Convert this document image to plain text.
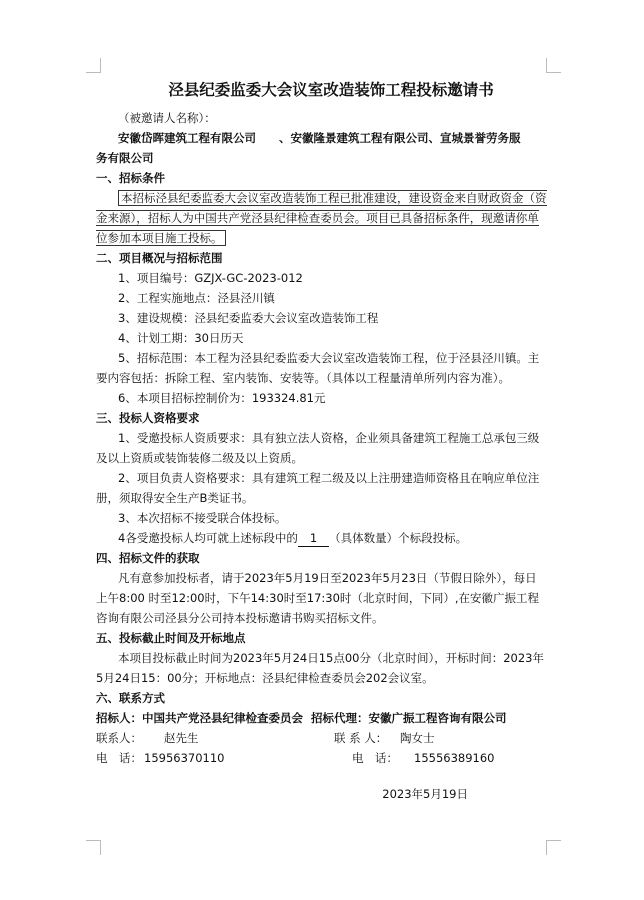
泾县纪委监委大会议室改造装饰工程投标邀请书

（被邀请人名称）：

安徽岱晖建筑工程有限公司　　、安徽隆景建筑工程有限公司、宣城景誉劳务服

务有限公司

一、招标条件

本招标泾县纪委监委大会议室改造装饰工程已批准建设，建设资金来自财政资金（资金来源），招标人为中国共产党泾县纪律检查委员会。项目已具备招标条件，现邀请你单位参加本项目施工投标。

二、项目概况与招标范围

1、项目编号：GZJX-GC-2023-012

2、工程实施地点：泾县泾川镇

3、建设规模：泾县纪委监委大会议室改造装饰工程

4、计划工期：30日历天

5、招标范围：本工程为泾县纪委监委大会议室改造装饰工程，位于泾县泾川镇。主要内容包括：拆除工程、室内装饰、安装等。（具体以工程量清单所列内容为准）。

6、本项目招标控制价为：193324.81元

三、投标人资格要求

1、受邀投标人资质要求：具有独立法人资格，企业须具备建筑工程施工总承包三级及以上资质或装饰装修二级及以上资质。

2、项目负责人资格要求：具有建筑工程二级及以上注册建造师资格且在响应单位注册，须取得安全生产B类证书。

3、本次招标不接受联合体投标。

4各受邀投标人均可就上述标段中的 1 （具体数量）个标段投标。

四、招标文件的获取

凡有意参加投标者，请于2023年5月19日至2023年5月23日（节假日除外），每日上午8:00 时至12:00时，下午14:30时至17:30时（北京时间，下同）,在安徽广振工程咨询有限公司泾县分公司持本投标邀请书购买招标文件。

五、投标截止时间及开标地点

本项目投标截止时间为2023年5月24日15点00分（北京时间），开标时间：2023年5月24日15：00分；开标地点：泾县纪律检查委员会202会议室。

六、联系方式

招标人：中国共产党泾县纪律检查委员会 招标代理：安徽广振工程咨询有限公司

联系人：	赵先生	联 系 人：	陶女士
电　话： 15956370110	电　话：	15556389160

2023年5月19日
